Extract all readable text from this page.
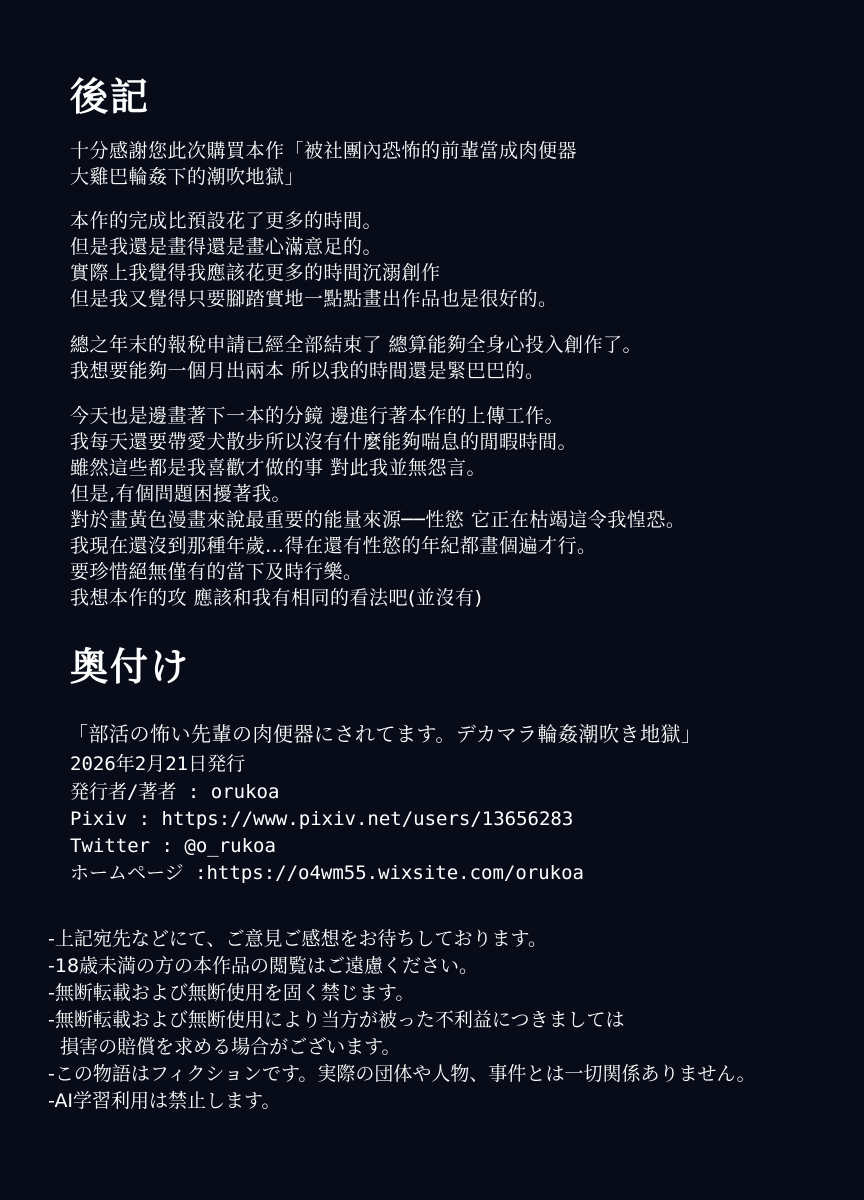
後記

十分感謝您此次購買本作「被社團內恐怖的前輩當成肉便器

大雞巴輪姦下的潮吹地獄」

本作的完成比預設花了更多的時間。

但是我還是畫得還是畫心滿意足的。

實際上我覺得我應該花更多的時間沉溺創作

但是我又覺得只要腳踏實地一點點畫出作品也是很好的。

總之年末的報稅申請已經全部結束了 總算能夠全身心投入創作了。

我想要能夠一個月出兩本 所以我的時間還是緊巴巴的。

今天也是邊畫著下一本的分鏡 邊進行著本作的上傳工作。

我每天還要帶愛犬散步所以沒有什麼能夠喘息的閒暇時間。

雖然這些都是我喜歡才做的事 對此我並無怨言。

但是,有個問題困擾著我。

對於畫黃色漫畫來說最重要的能量來源──性慾 它正在枯竭這令我惶恐。

我現在還沒到那種年歲…得在還有性慾的年紀都畫個遍才行。

要珍惜絕無僅有的當下及時行樂。

我想本作的攻 應該和我有相同的看法吧(並沒有)

奥付け

「部活の怖い先輩の肉便器にされてます。デカマラ輪姦潮吹き地獄」

2026年2月21日発行

発行者/著者 : orukoa

Pixiv : https://www.pixiv.net/users/13656283

Twitter : @o_rukoa

ホームページ :https://o4wm55.wixsite.com/orukoa

-上記宛先などにて、ご意見ご感想をお待ちしております。

-18歳未満の方の本作品の閲覧はご遠慮ください。

-無断転載および無断使用を固く禁じます。

-無断転載および無断使用により当方が被った不利益につきましては

損害の賠償を求める場合がございます。

-この物語はフィクションです。実際の団体や人物、事件とは一切関係ありません。

-AI学習利用は禁止します。
